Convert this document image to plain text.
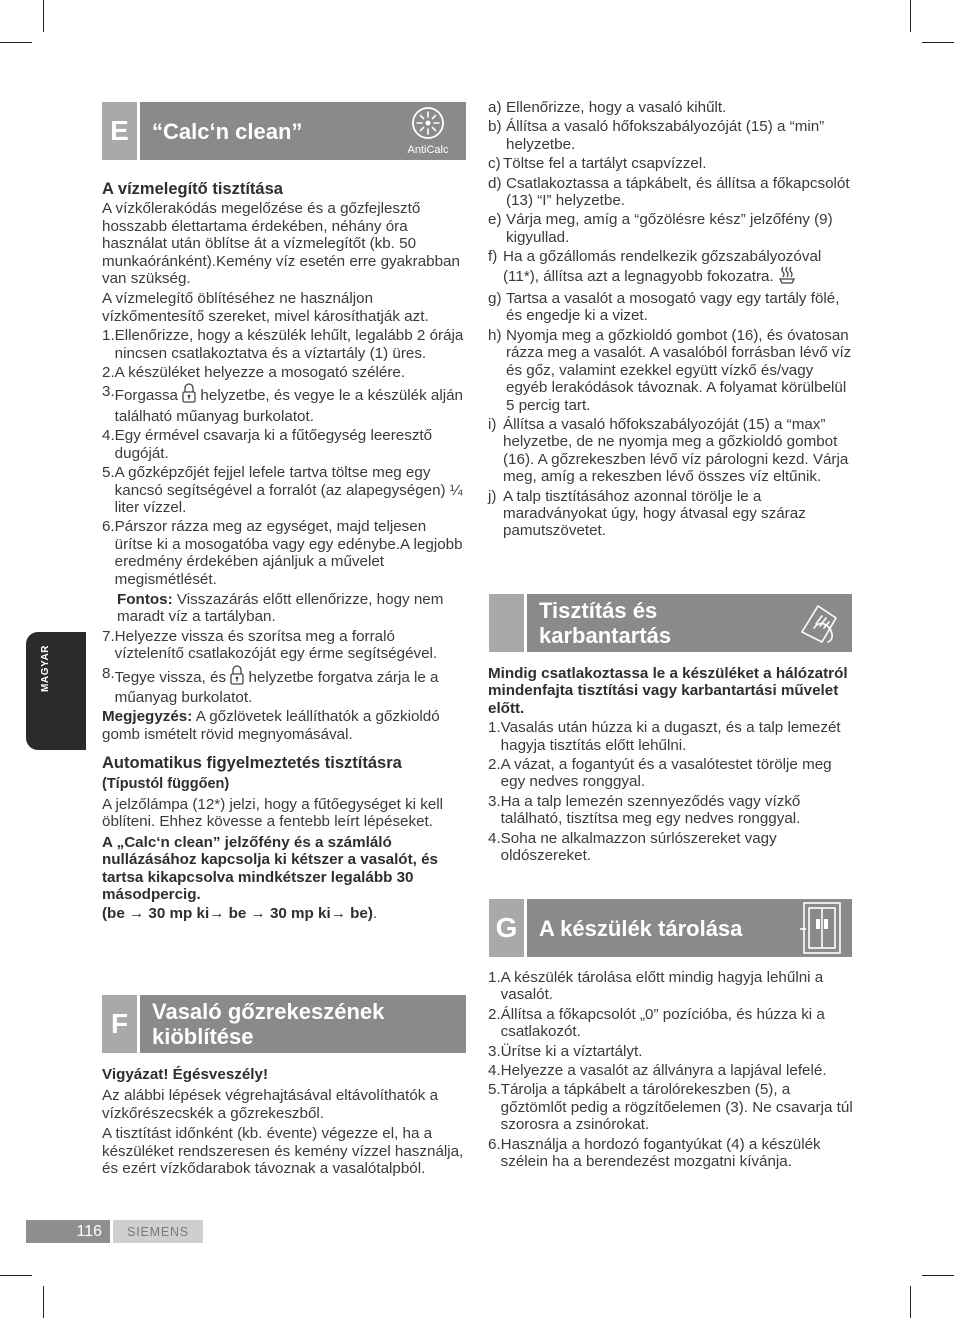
MAGYAR
E	“Calc‘n clean”
AntiCalc

A vízmelegítő tisztítása

A vízkőlerakódás megelőzése és a gőzfejlesztő hosszabb élettartama érdekében, néhány óra használat után öblítse át a vízmelegítőt (kb. 50 munkaóránként).Kemény víz esetén erre gyakrabban van szükség.

A vízmelegítő öblítéséhez ne használjon vízkőmentesítő szereket, mivel károsíthatják azt.

1. Ellenőrizze, hogy a készülék lehűlt, legalább 2 órája nincsen csatlakoztatva és a víztartály (1) üres.
2. A készüléket helyezze a mosogató szélére.
3. Forgassa  helyzetbe, és vegye le a készülék alján található műanyag burkolatot.
4. Egy érmével csavarja ki a fűtőegység leeresztő dugóját.
5. A gőzképzőjét fejjel lefele tartva töltse meg egy kancsó segítségével a forralót (az alapegységen) ¼ liter vízzel.
6. Párszor rázza meg az egységet, majd teljesen ürítse ki a mosogatóba vagy egy edénybe.A legjobb eredmény érdekében ajánljuk a művelet megismétlését.

Fontos: Visszazárás előtt ellenőrizze, hogy nem maradt víz a tartályban.

7. Helyezze vissza és szorítsa meg a forraló víztelenítő csatlakozóját egy érme segítségével.
8. Tegye vissza, és  helyzetbe forgatva zárja le a műanyag burkolatot.

Megjegyzés: A gőzlövetek leállíthatók a gőzkioldó gomb ismételt rövid megnyomásával.

Automatikus figyelmeztetés tisztításra

(Típustól függően)

A jelzőlámpa (12*) jelzi, hogy a fűtőegységet ki kell öblíteni. Ehhez kövesse a fentebb leírt lépéseket.

A „Calc‘n clean” jelzőfény és a számláló nullázásához kapcsolja ki kétszer a vasalót, és tartsa kikapcsolva mindkétszer legalább 30 másodpercig.

(be → 30 mp ki→ be → 30 mp ki→ be).

F	Vasaló gőzrekeszének kiöblítése

Vigyázat! Égésveszély!

Az alábbi lépések végrehajtásával eltávolíthatók a vízkőrészecskék a gőzrekeszből.

A tisztítást időnként (kb. évente) végezze el, ha a készüléket rendszeresen és kemény vízzel használja, és ezért vízkődarabok távoznak a vasalótalpból.

a) Ellenőrizze, hogy a vasaló kihűlt.
b) Állítsa a vasaló hőfokszabályozóját (15) a “min” helyzetbe.
c) Töltse fel a tartályt csapvízzel.
d) Csatlakoztassa a tápkábelt, és állítsa a főkapcsolót (13) “I” helyzetbe.
e) Várja meg, amíg a “gőzölésre kész” jelzőfény (9) kigyullad.
f) Ha a gőzállomás rendelkezik gőzszabályozóval (11*), állítsa azt a legnagyobb fokozatra.
g) Tartsa a vasalót a mosogató vagy egy tartály fölé, és engedje ki a vizet.
h) Nyomja meg a gőzkioldó gombot (16), és óvatosan rázza meg a vasalót. A vasalóból forrásban lévő víz és gőz, valamint ezekkel együtt vízkő és/vagy egyéb lerakódások távoznak. A folyamat körülbelül 5 percig tart.
i) Állítsa a vasaló hőfokszabályozóját (15) a “max” helyzetbe, de ne nyomja meg a gőzkioldó gombot (16). A gőzrekeszben lévő víz párologni kezd. Várja meg, amíg a rekeszben lévő összes víz eltűnik.
j) A talp tisztításához azonnal törölje le a maradványokat úgy, hogy átvasal egy száraz pamutszövetet.
Tisztítás és karbantartás

Mindig csatlakoztassa le a készüléket a hálózatról mindenfajta tisztítási vagy karbantartási művelet előtt.

1. Vasalás után húzza ki a dugaszt, és a talp lemezét hagyja tisztítás előtt lehűlni.
2. A vázat, a fogantyút és a vasalótestet törölje meg egy nedves ronggyal.
3. Ha a talp lemezén szennyeződés vagy vízkő található, tisztítsa meg egy nedves ronggyal.
4. Soha ne alkalmazzon súrlószereket vagy oldószereket.
G A készülék tárolása
1. A készülék tárolása előtt mindig hagyja lehűlni a vasalót.
2. Állítsa a főkapcsolót „0” pozícióba, és húzza ki a csatlakozót.
3. Ürítse ki a víztartályt.
4. Helyezze a vasalót az állványra a lapjával lefelé.
5. Tárolja a tápkábelt a tárolórekeszben (5), a gőztömlőt pedig a rögzítőelemen (3). Ne csavarja túl szorosra a zsinórokat.
6. Használja a hordozó fogantyúkat (4) a készülék szélein ha a berendezést mozgatni kívánja.
116	SIEMENS
